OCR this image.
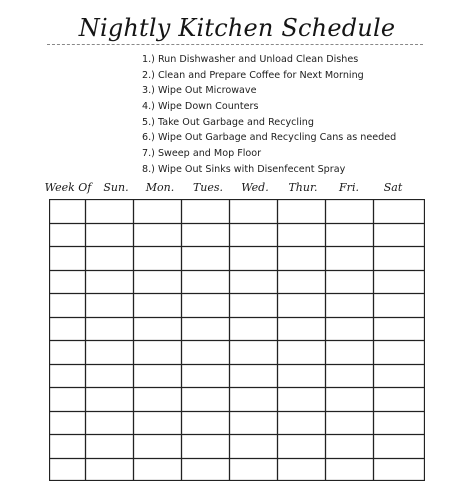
Nightly Kitchen Schedule
1.) Run Dishwasher and Unload Clean Dishes
2.) Clean and Prepare Coffee for Next Morning
3.) Wipe Out Microwave
4.) Wipe Down Counters
5.) Take Out Garbage and Recycling
6.) Wipe Out Garbage and Recycling Cans as needed
7.) Sweep and Mop Floor
8.) Wipe Out Sinks with Disenfecent Spray
Week Of	Sun.	Mon.	Tues.	Wed.	Thur.	Fri.	Sat
